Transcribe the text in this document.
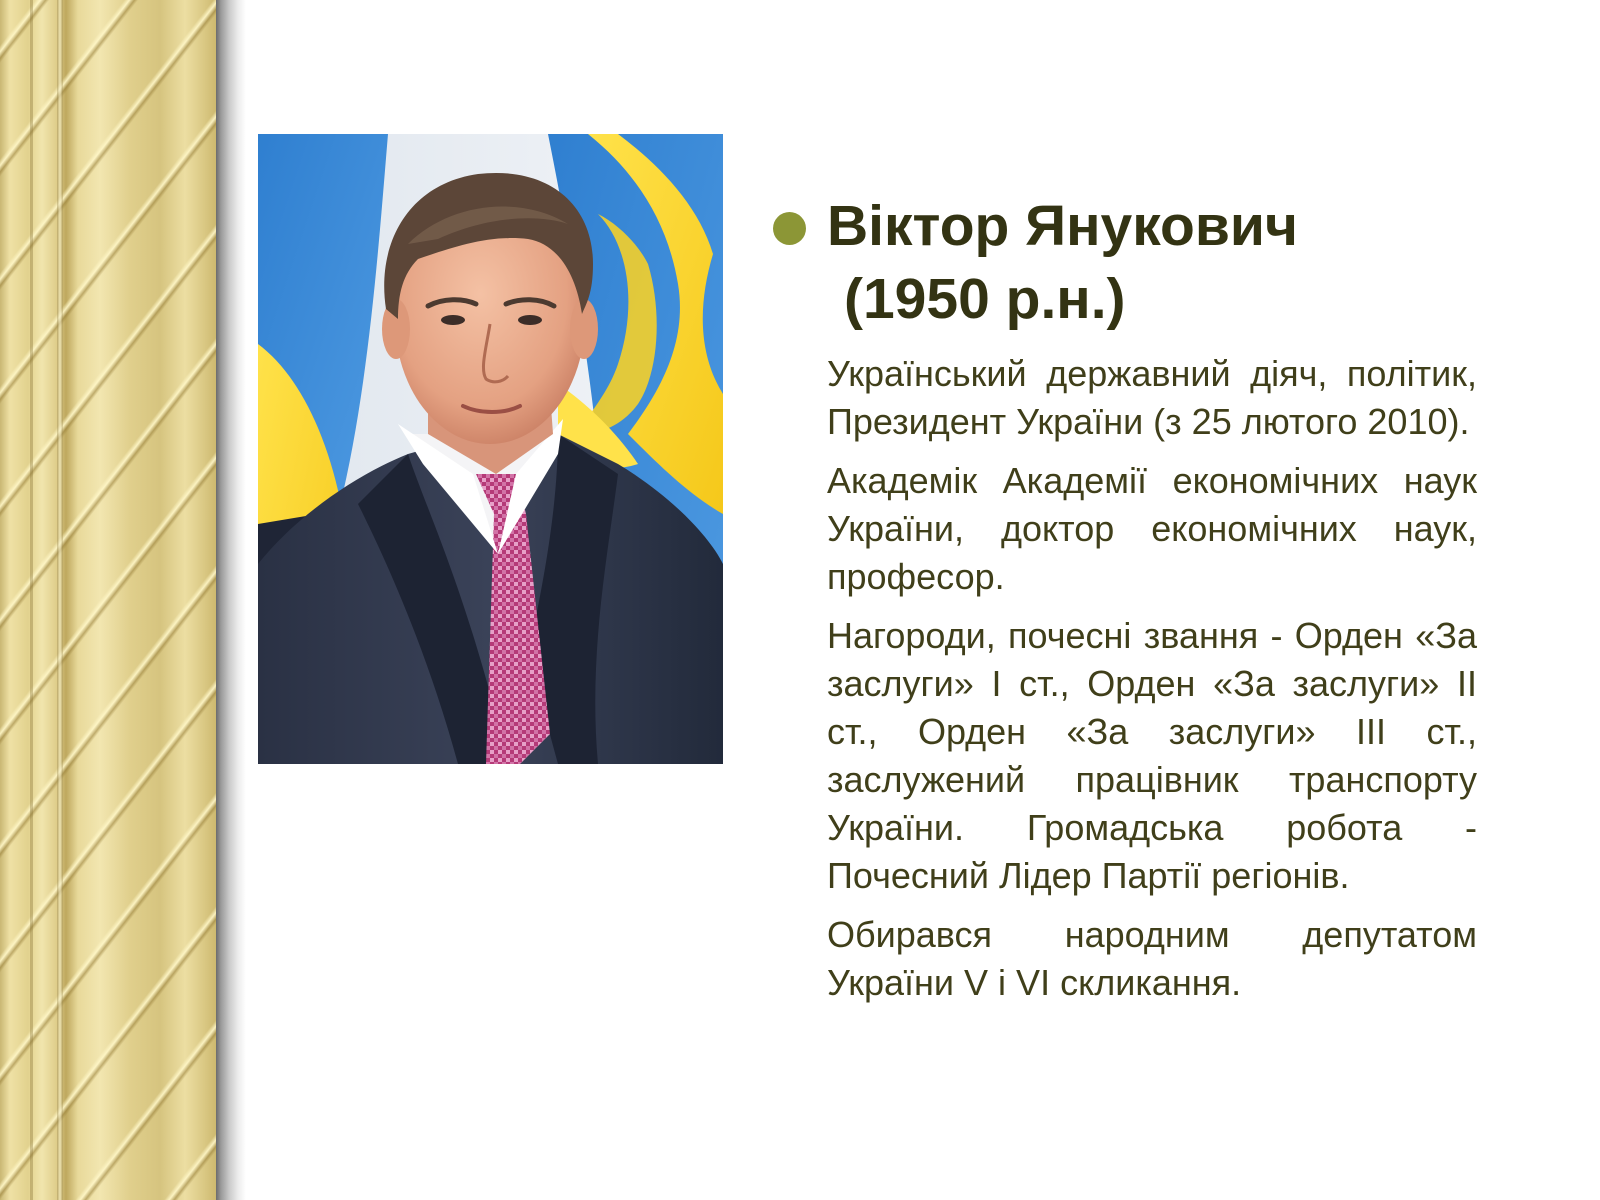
Віктор Янукович
(1950 р.н.)

Український державний діяч, політик, Президент України (з 25 лютого 2010).

Академік Академії економічних наук України, доктор економічних наук, професор.

Нагороди, почесні звання - Орден «За заслуги» I ст., Орден «За заслуги» II ст., Орден «За заслуги» III ст., заслужений працівник транспорту України. Громадська робота - Почесний Лідер Партії регіонів.

Обирався народним депутатом України V і VI скликання.
